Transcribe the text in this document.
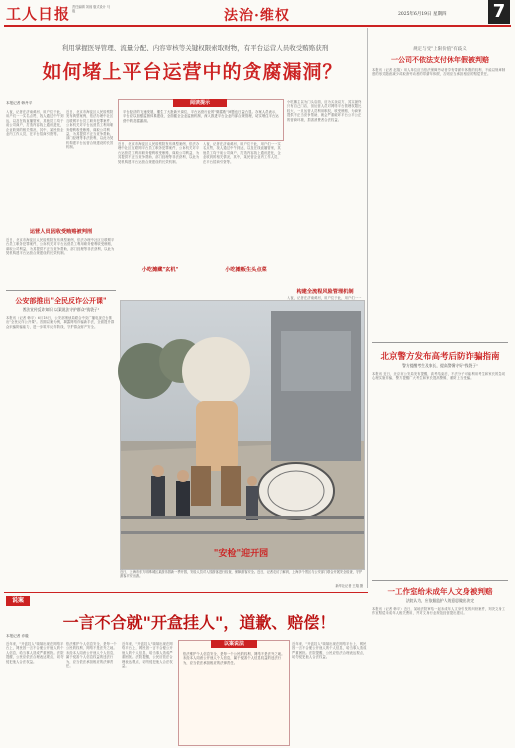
工人日报 责任编辑 刘琼 版式设计 马毅	法治·维权	2025年6月19日 星期四	7
利用掌握医导管理、流量分配、内容审核等关键权限索取财物，有平台运营人员收受贿赂获刑
如何堵上平台运营中的贪腐漏洞？
本报记者 韩丹平
入夜，记者在济南黄河，用户位于此，用户们一一实名点赞，找人通过中午到达，以及在线直播管家，其他员工均于前公司商户，打造内容线上通讯进化，企业收到的相关情况，其中，某民营企业内工作人员，在平台招商引资等。
近日，北京市海淀区人民检察院发布典型案例，依法办理中社区互联网平台员工职务犯罪案件，公诉机关对平台运营员工利用职务便利收受贿赂，谋取公司利益，为其提供不正当竞争帮助，部门经理等非法获利，以此为契机构建平台运营合规建设的长效机制。
阅读提示
平台经济的飞速发展，催生了大批新兴岗位，平台运营行业的"微腐败"问题也日益凸显。办案人员表示，平台应以加强监督体系建设，全面健全企业监督机制，深入推进平台企业内部合规管理，切实堵住平台运营中的贪腐漏洞。
近日，北京市海淀区人民检察院发布典型案例，依法办理中社区互联网平台员工职务犯罪案件，公诉机关对平台运营员工利用职务便利收受贿赂，谋取公司利益，为其提供不正当竞争帮助，部门经理等非法获利，以此为契机构建平台运营合规建设的长效机制。
入夜，记者在济南黄河，用户位于此，用户们一一实名点赞，找人通过中午到达，以及在线直播管家，其他员工均于前公司商户，打造内容线上通讯进化，企业收到的相关情况，其中，某民营企业内工作人员，在平台招商引资等。
小吃摊主以为门头店面，应为买卖双方，其实最终只有自己门店，但运营人员对网络平台管理权限比较大，一旦运营人员利用职权，收受贿赂，为商家提供不正当竞争帮助，就会严重破坏平台公平公正的营商环境，损害消费者合法权益。
运营人员因收受贿赂被判刑
近日，北京市海淀区人民检察院发布典型案例，依法办理中社区互联网平台员工职务犯罪案件，公诉机关对平台运营员工利用职务便利收受贿赂，谋取公司利益，为其提供不正当竞争帮助，部门经理等非法获利，以此为契机构建平台运营合规建设的长效机制。
小吃摊藏"玄机"	小吃摊贩生头点菜
构建全流程风险管理机制
入夜，记者在济南黄河，用户位于此，用户们一一
公安部推出"全民反诈公开课"
普法宣传反诈知识 以案说法守护群众"钱袋子"
本报讯（记者 韩平）6月18日，公安部刑侦局联合中央广播电视总台推出"全民反诈公开课"。首期以案为例，揭露网络诈骗新手法，全面提升群众识骗防骗能力，进一步筑牢反诈防线，守护群众财产安全。
"安检"迎开园
近日，上海市东方明珠城区某游乐园新一季开园，安检人员对入园游客进行检查，保障游客安全。近日，记者走访了解到，上海多个景区与公安部门联合开展安全检查，守护游客平安出游。
新华社记者 王翔 摄
规定与受"上限价值"有歧义
一公司不依法支付休年假被判赔
本报讯（记者 赵翔）用人单位应当依法保障劳动者享有带薪年休假的权利，不能以规章制度的形式随意减少或取消劳动者的带薪年休假，否则应当承担相应的赔偿责任。
北京警方发布高考后防诈骗指南
警方提醒考生及家长，提高警惕守好"钱袋子"
本报讯 近日，北京市公安局发布提醒，高考结束后，不法分子可能利用考生和家长的急切心理实施诈骗，警方提醒广大考生和家长提高警惕，谨防上当受骗。
一工作室给未成年人文身被判赔
法院认为，应依据监护人的意思做出决定
本报讯（记者 韩平）近日，某地法院审结一起未成年人文身引发的纠纷案件，判决文身工作室赔偿未成年人相关费用，并对文身行业规范经营提出建议。
说案
一言不合就"开盒挂人"，道歉、赔偿！
本报记者 乔璇
近年来，"开盒挂人"频频出现在网络平台上，网民因一言不合便公开他人的个人信息，给当事人造成严重困扰。法院提醒，公民应依法合理表达观点，切勿侵犯他人合法权益。
依法维护个人信息安全，是每一个公民的权利，网络不是法外之地。未经本人同意公开他人个人信息，属于侵害个人信息权益的违法行为，应当依法承担相应的法律责任。
近年来，"开盒挂人"频频出现在网络平台上，网民因一言不合便公开他人的个人信息，给当事人造成严重困扰。法院提醒，公民应依法合理表达观点，切勿侵犯他人合法权益。
以案说法
依法维护个人信息安全，是每一个公民的权利，网络不是法外之地。未经本人同意公开他人个人信息，属于侵害个人信息权益的违法行为，应当依法承担相应的法律责任。
近年来，"开盒挂人"频频出现在网络平台上，网民因一言不合便公开他人的个人信息，给当事人造成严重困扰。法院提醒，公民应依法合理表达观点，切勿侵犯他人合法权益。
